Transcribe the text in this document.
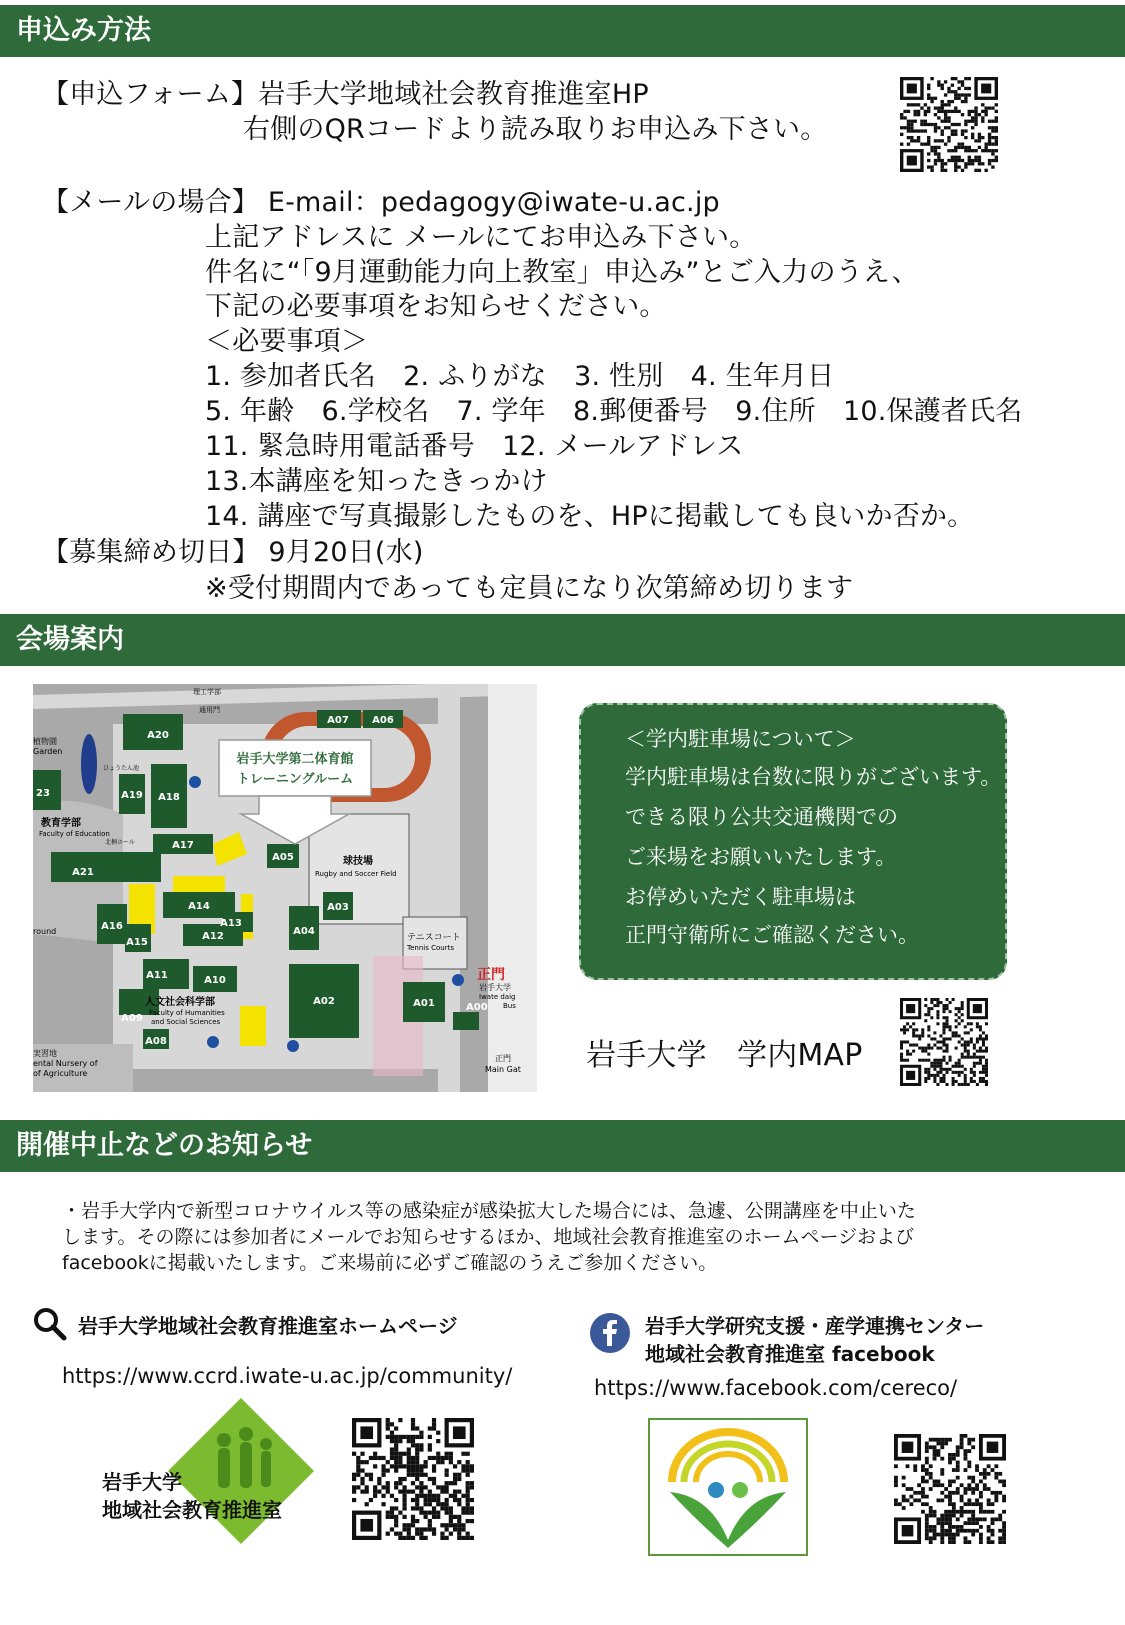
申込み方法
【申込フォーム】岩手大学地域社会教育推進室HP
右側のQRコードより読み取りお申込み下さい。
【メールの場合】 E-mail：pedagogy@iwate-u.ac.jp
上記アドレスに メールにてお申込み下さい。
件名に“「9月運動能力向上教室」申込み”とご入力のうえ、
下記の必要事項をお知らせください。
＜必要事項＞
1. 参加者氏名　2. ふりがな　3. 性別　4. 生年月日
5. 年齢　6.学校名　7. 学年　8.郵便番号　9.住所　10.保護者氏名
11. 緊急時用電話番号　12. メールアドレス
13.本講座を知ったきっかけ
14. 講座で写真撮影したものを、HPに掲載しても良いか否か。
【募集締め切日】 9月20日(水)
※受付期間内であっても定員になり次第締め切ります
会場案内
A20
A18
A19
A17
A21
23
A16
A15
A14
A13
A12
A11	A10
A09
A08
A07 A06
A05
A04
A03
A02	A01	A00
教育学部
Faculty of Education
人文社会科学部
Faculty of Humanities
and Social Sciences
球技場
Rugby and Soccer Field
テニスコート
Tennis Courts
植物園
Garden
round
実習地
ental Nursery of
of Agriculture
正門
Main Gat
正門
岩手大学
Iwate daig
Bus
理工学部
通用門
ひょうたん池
北桐ホール
岩手大学第二体育館
トレーニングルーム
＜学内駐車場について＞
学内駐車場は台数に限りがございます。
できる限り公共交通機関での
ご来場をお願いいたします。
お停めいただく駐車場は
正門守衛所にご確認ください。
岩手大学　学内MAP
開催中止などのお知らせ
・岩手大学内で新型コロナウイルス等の感染症が感染拡大した場合には、急遽、公開講座を中止いた
します。その際には参加者にメールでお知らせするほか、地域社会教育推進室のホームページおよび
facebookに掲載いたします。ご来場前に必ずご確認のうえご参加ください。
岩手大学地域社会教育推進室ホームページ
https://www.ccrd.iwate-u.ac.jp/community/
岩手大学研究支援・産学連携センター
地域社会教育推進室 facebook
https://www.facebook.com/cereco/
岩手大学
地域社会教育推進室
